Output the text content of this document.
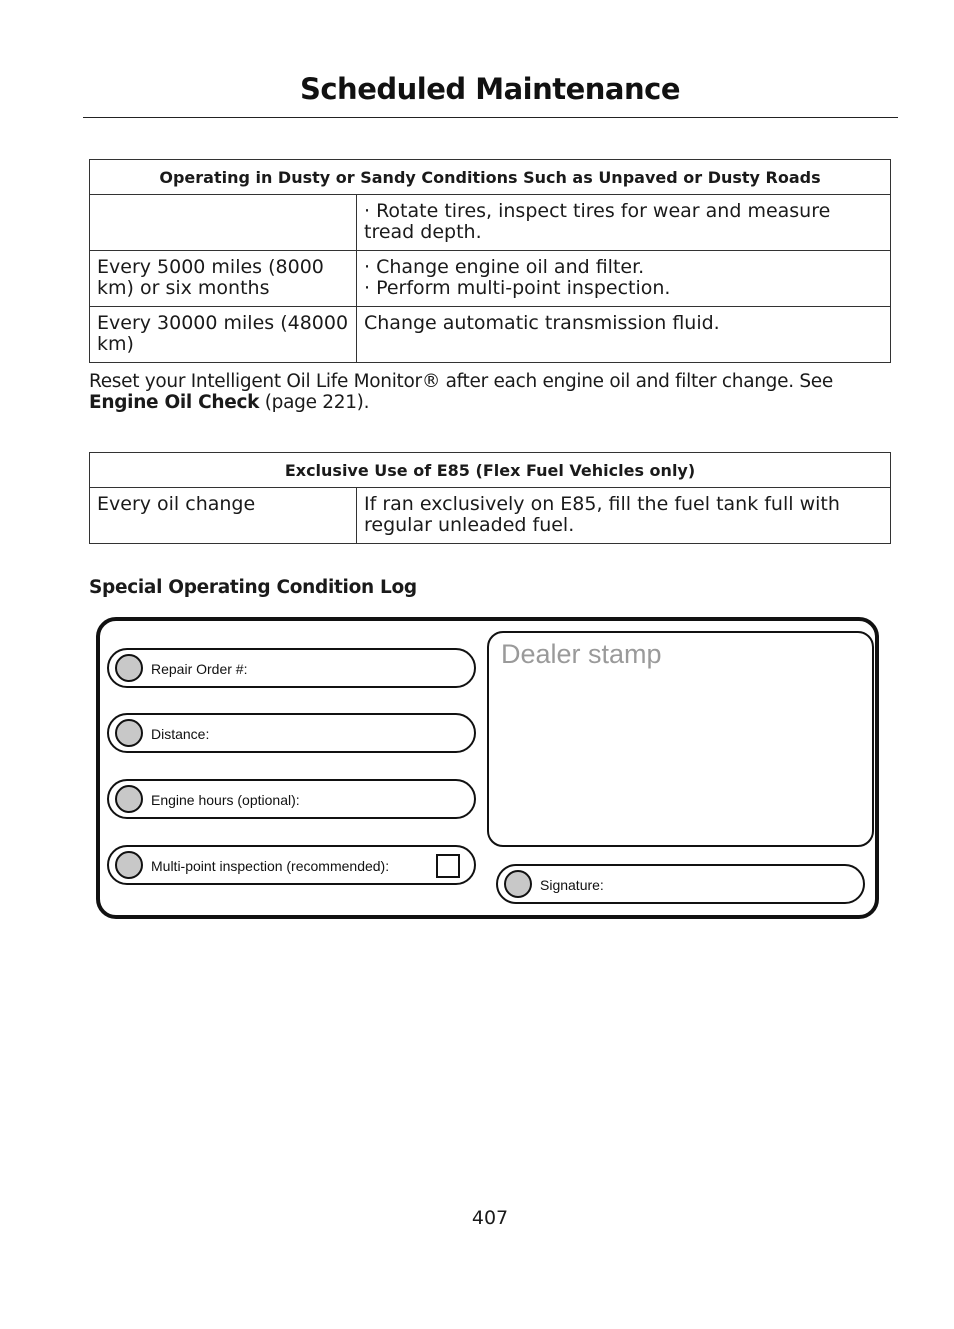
Scheduled Maintenance
Operating in Dusty or Sandy Conditions Such as Unpaved or Dusty Roads	

	· Rotate tires, inspect tires for wear and measure tread depth.

Every 5000 miles (8000 km) or six months	· Change engine oil and filter.
· Perform multi-point inspection.

Every 30000 miles (48000 km)	Change automatic transmission fluid.
Reset your Intelligent Oil Life Monitor® after each engine oil and filter change. See Engine Oil Check (page 221).
Exclusive Use of E85 (Flex Fuel Vehicles only)
Every oil change	If ran exclusively on E85, fill the fuel tank full with regular unleaded fuel.
Special Operating Condition Log
Repair Order #:
Distance:
Engine hours (optional):
Multi-point inspection (recommended):
Dealer stamp
Signature:
407
